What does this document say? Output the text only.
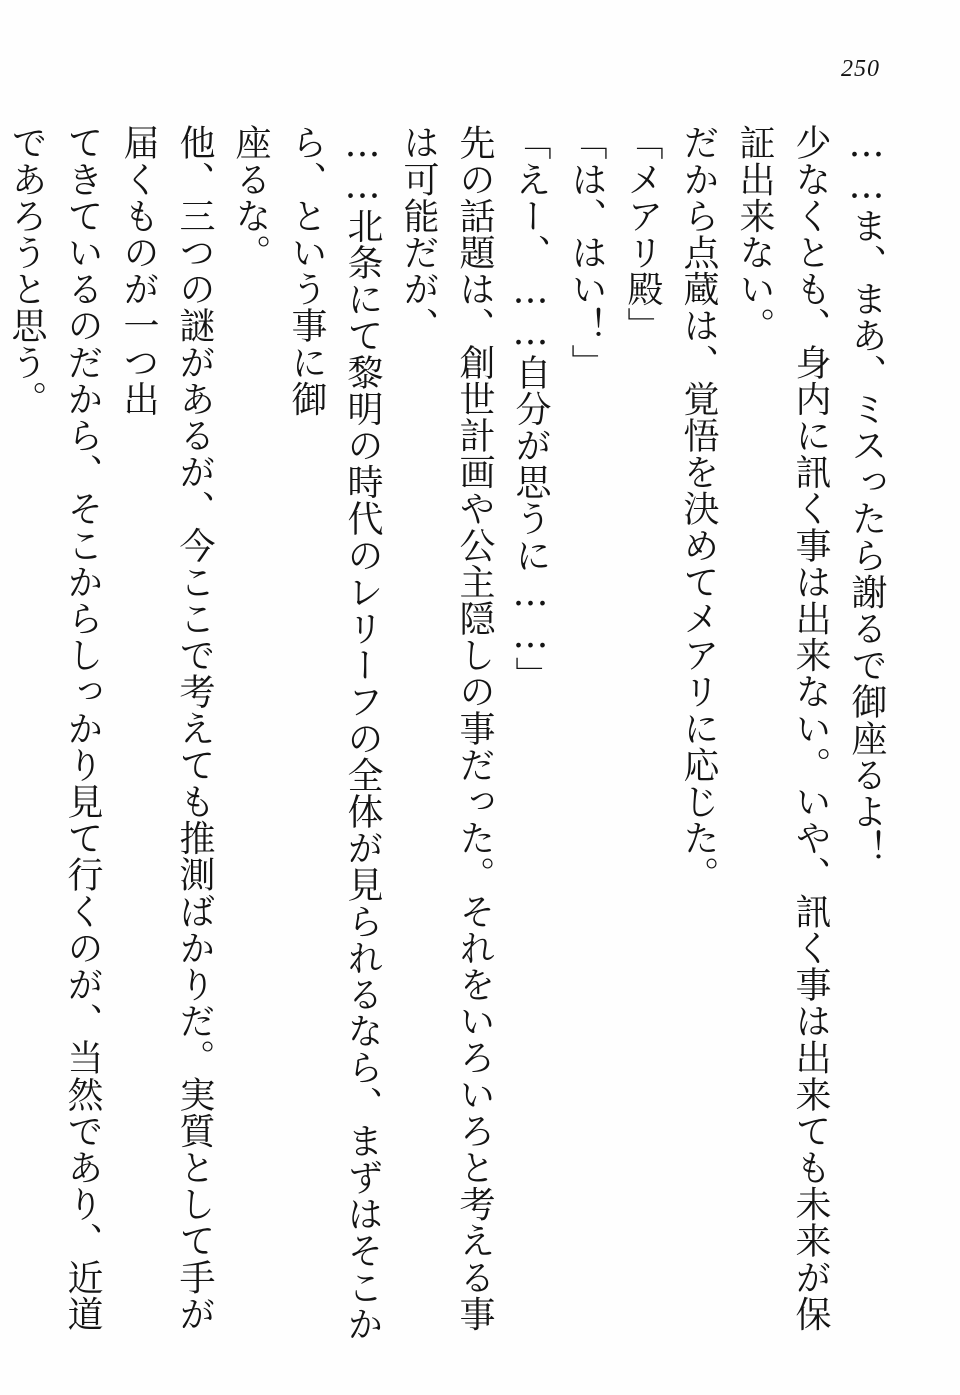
250

……ま、まあ、ミスったら謝るで御座るよ！

少なくとも、身内に訊く事は出来ない。いや、訊く事は出来ても未来が保証出来ない。

だから点蔵は、覚悟を決めてメアリに応じた。

「メアリ殿」

「は、はい！」

「えー、……自分が思うに……」

先の話題は、創世計画や公主隠しの事だった。それをいろいろと考える事は可能だが、

……北条にて黎明の時代のレリーフの全体が見られるなら、まずはそこから、という事に御

座るな。

他、三つの謎があるが、今ここで考えても推測ばかりだ。実質として手が届くものが一つ出

てきているのだから、そこからしっかり見て行くのが、当然であり、近道であろうと思う。
